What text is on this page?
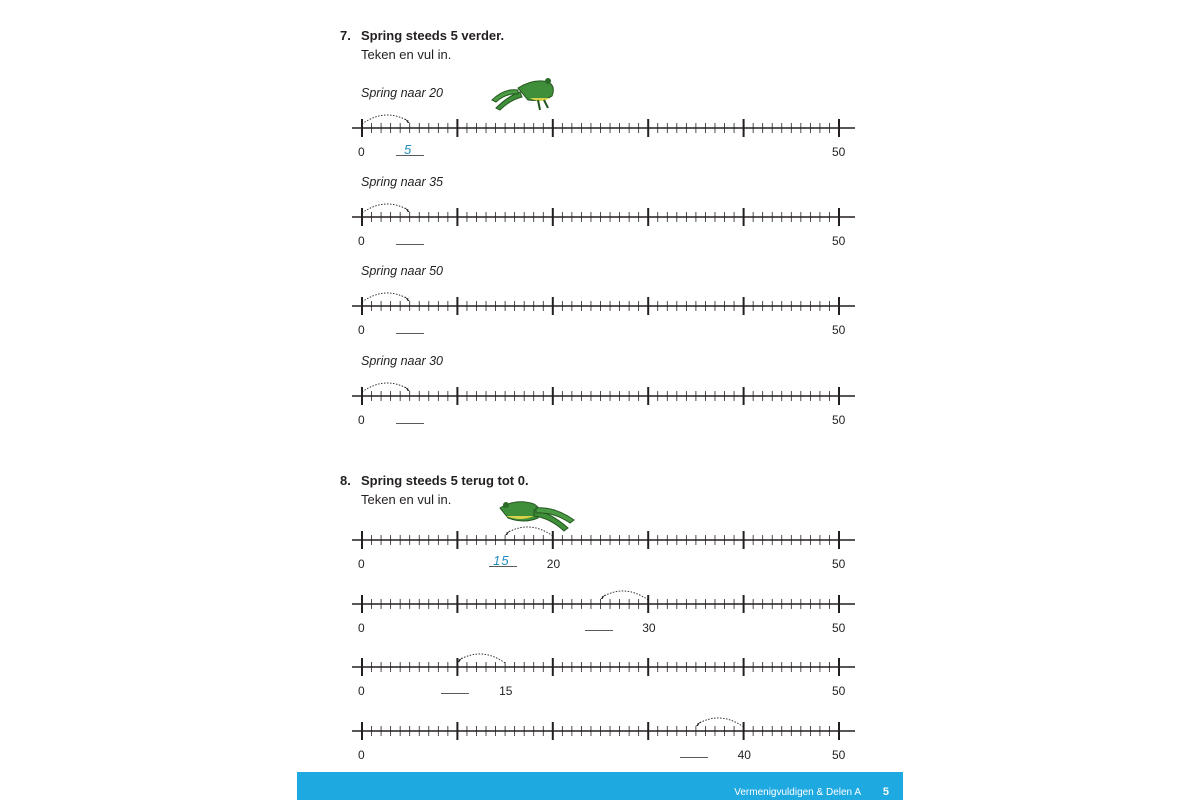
7. Spring steeds 5 verder.
Teken en vul in.
8. Spring steeds 5 terug tot 0.
Teken en vul in.
Vermenigvuldigen & Delen A 5
Spring naar 20
0	50
5
Spring naar 35
0	50
Spring naar 50
0	50
Spring naar 30
0	50
0	50
20
15
0	50
30
0	50
15
0	50
40
